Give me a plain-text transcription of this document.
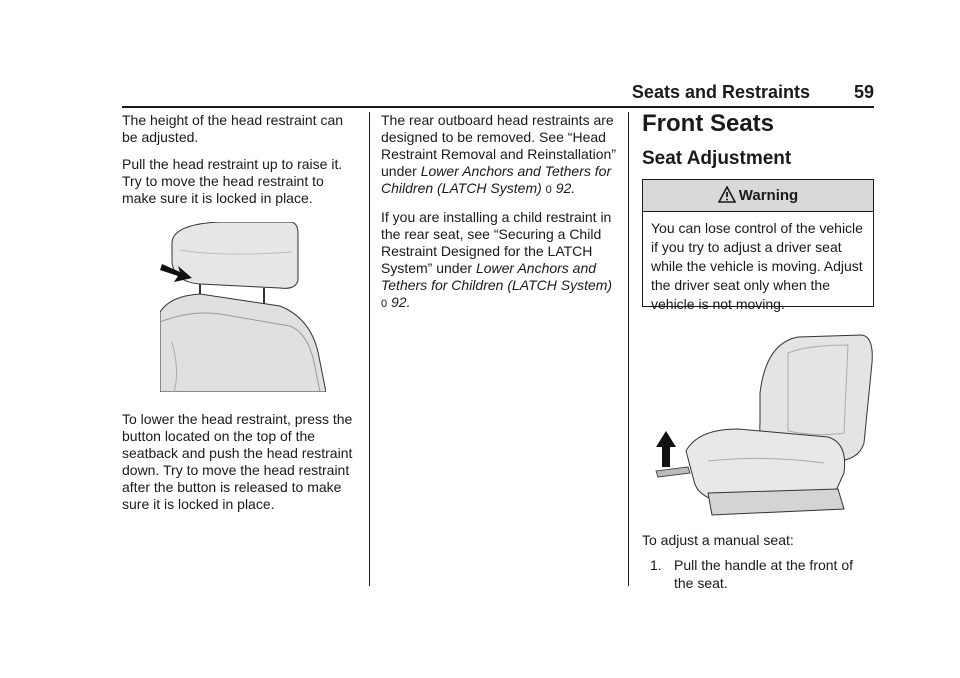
Seats and Restraints 59

The height of the head restraint can be adjusted.

Pull the head restraint up to raise it. Try to move the head restraint to make sure it is locked in place.

To lower the head restraint, press the button located on the top of the seatback and push the head restraint down. Try to move the head restraint after the button is released to make sure it is locked in place.

The rear outboard head restraints are designed to be removed. See “Head Restraint Removal and Reinstallation” under Lower Anchors and Tethers for Children (LATCH System) 0 92.

If you are installing a child restraint in the rear seat, see “Securing a Child Restraint Designed for the LATCH System” under Lower Anchors and Tethers for Children (LATCH System) 0 92.

Front Seats
Seat Adjustment
Warning
You can lose control of the vehicle if you try to adjust a driver seat while the vehicle is moving. Adjust the driver seat only when the vehicle is not moving.

To adjust a manual seat:

1. Pull the handle at the front of the seat.
